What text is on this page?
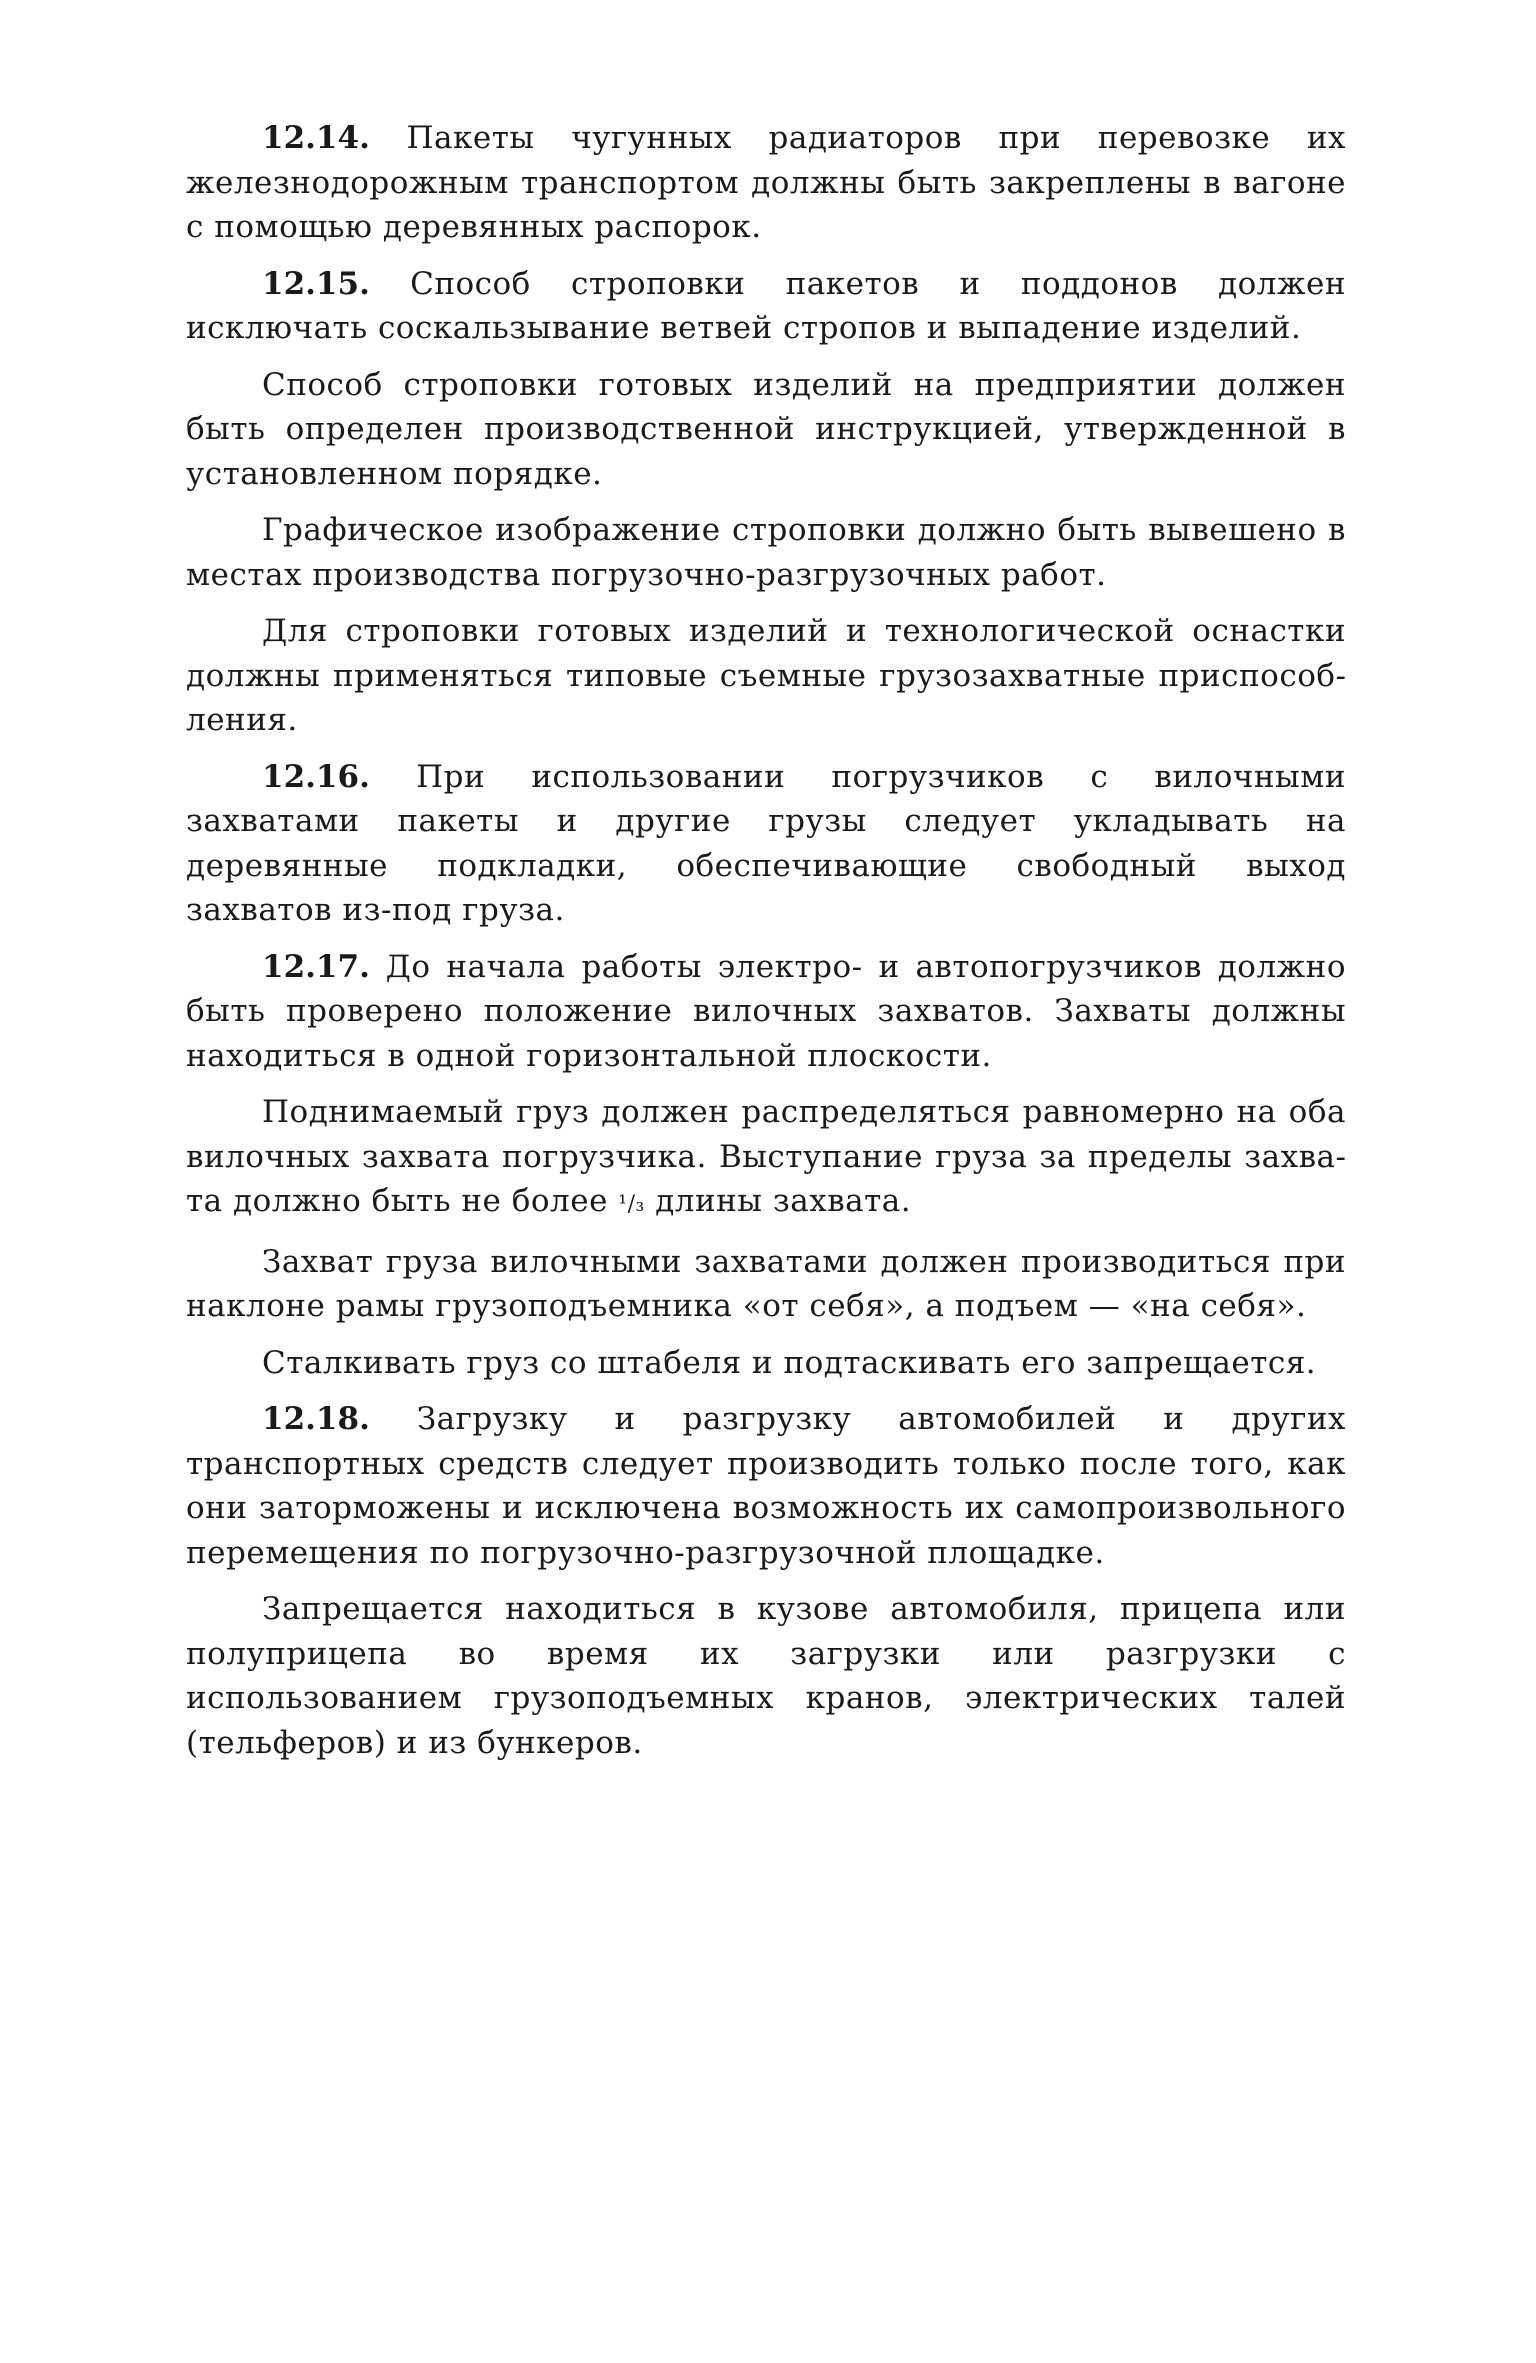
12.14. Пакеты чугунных радиаторов при перевозке их железнодорожным транспортом должны быть закреплены в вагоне с помощью деревянных распорок.

12.15. Способ строповки пакетов и поддонов должен исключать соскальзывание ветвей стропов и выпадение изделий.

Способ строповки готовых изделий на предприятии должен быть определен производственной инструкцией, утвержденной в установленном порядке.

Графическое изображение строповки должно быть вывешено в местах производства погрузочно-разгрузочных работ.

Для строповки готовых изделий и технологической оснастки должны применяться типовые съемные грузозахватные приспособления.

12.16. При использовании погрузчиков с вилочными захватами пакеты и другие грузы следует укладывать на деревянные подкладки, обеспечивающие свободный выход захватов из-под груза.

12.17. До начала работы электро- и автопогрузчиков должно быть проверено положение вилочных захватов. Захваты должны находиться в одной горизонтальной плоскости.

Поднимаемый груз должен распределяться равномерно на оба вилочных захвата погрузчика. Выступание груза за пределы захвата должно быть не более ¹/₃ длины захвата.

Захват груза вилочными захватами должен производиться при наклоне рамы грузоподъемника «от себя», а подъем — «на себя».

Сталкивать груз со штабеля и подтаскивать его запрещается.

12.18. Загрузку и разгрузку автомобилей и других транспортных средств следует производить только после того, как они заторможены и исключена возможность их самопроизвольного перемещения по погрузочно-разгрузочной площадке.

Запрещается находиться в кузове автомобиля, прицепа или полуприцепа во время их загрузки или разгрузки с использованием грузоподъемных кранов, электрических талей (тельферов) и из бункеров.
